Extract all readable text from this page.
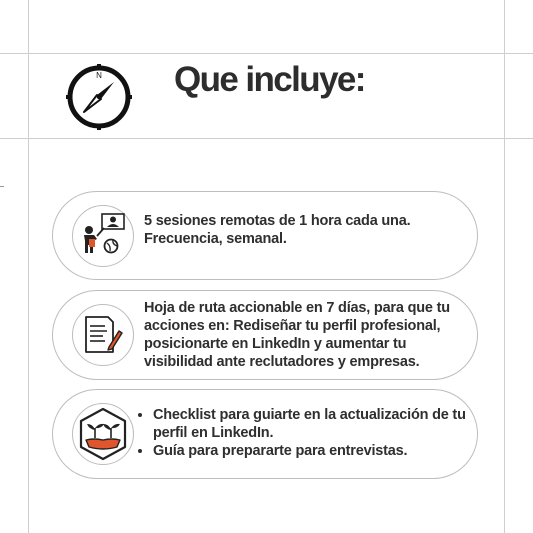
N Que incluye:
5 sesiones remotas de 1 hora cada una. Frecuencia, semanal.
Hoja de ruta accionable en 7 días, para que tu acciones en: Rediseñar tu perfil profesional, posicionarte en LinkedIn y aumentar tu visibilidad ante reclutadores y empresas.
• Checklist para guiarte en la actualización de tu perfil en LinkedIn.
• Guía para prepararte para entrevistas.
